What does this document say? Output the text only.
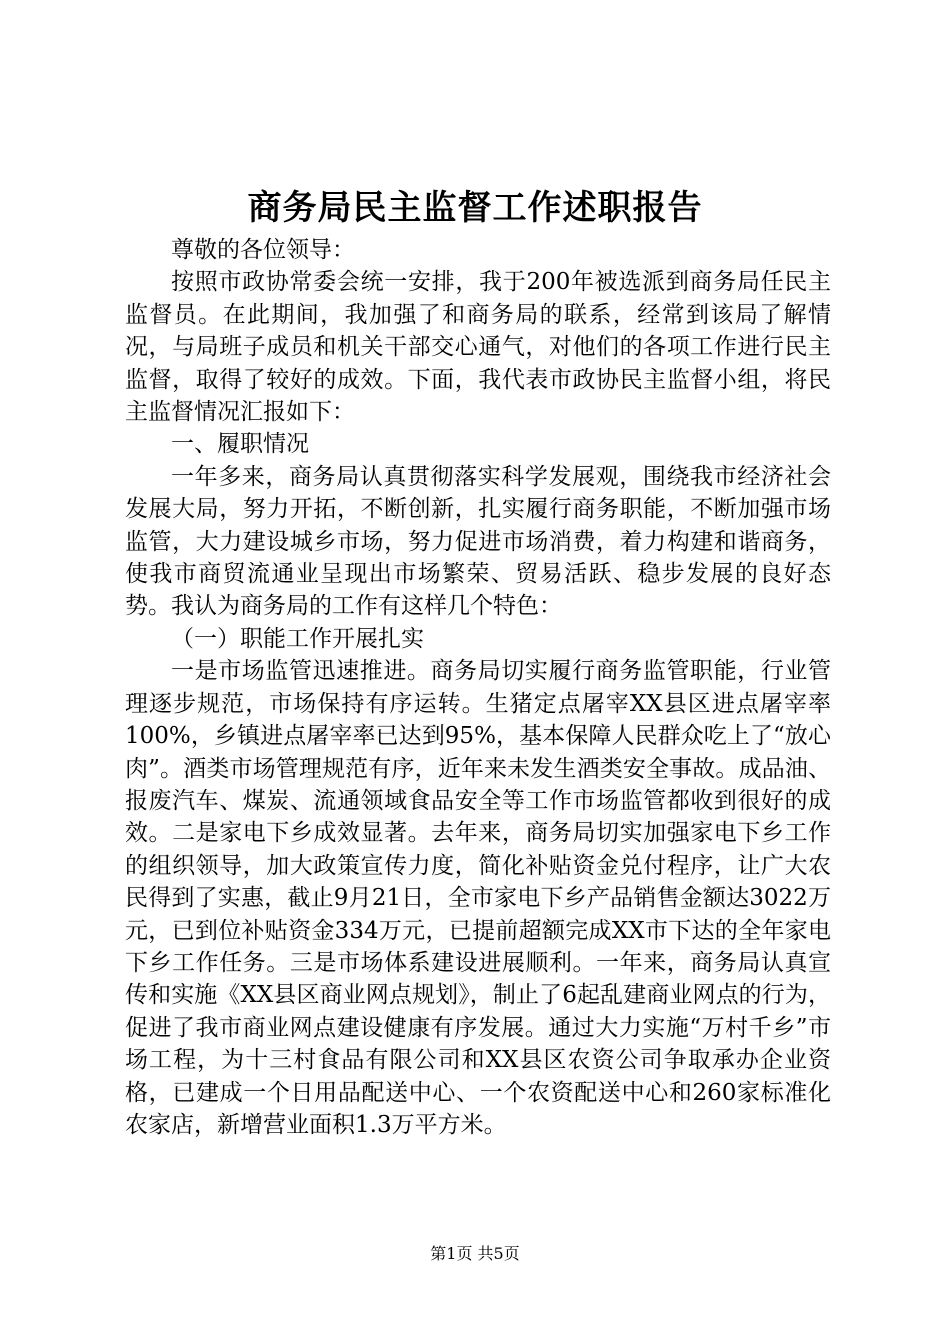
商务局民主监督工作述职报告

尊敬的各位领导：

按照市政协常委会统一安排，我于200年被选派到商务局任民主监督员。在此期间，我加强了和商务局的联系，经常到该局了解情况，与局班子成员和机关干部交心通气，对他们的各项工作进行民主监督，取得了较好的成效。下面，我代表市政协民主监督小组，将民主监督情况汇报如下：

一、履职情况

一年多来，商务局认真贯彻落实科学发展观，围绕我市经济社会发展大局，努力开拓，不断创新，扎实履行商务职能，不断加强市场监管，大力建设城乡市场，努力促进市场消费，着力构建和谐商务，使我市商贸流通业呈现出市场繁荣、贸易活跃、稳步发展的良好态势。我认为商务局的工作有这样几个特色：

（一）职能工作开展扎实

一是市场监管迅速推进。商务局切实履行商务监管职能，行业管理逐步规范，市场保持有序运转。生猪定点屠宰XX县区进点屠宰率100%，乡镇进点屠宰率已达到95%，基本保障人民群众吃上了“放心肉”。酒类市场管理规范有序，近年来未发生酒类安全事故。成品油、报废汽车、煤炭、流通领域食品安全等工作市场监管都收到很好的成效。二是家电下乡成效显著。去年来，商务局切实加强家电下乡工作的组织领导，加大政策宣传力度，简化补贴资金兑付程序，让广大农民得到了实惠，截止9月21日，全市家电下乡产品销售金额达3022万元，已到位补贴资金334万元，已提前超额完成XX市下达的全年家电下乡工作任务。三是市场体系建设进展顺利。一年来，商务局认真宣传和实施《XX县区商业网点规划》，制止了6起乱建商业网点的行为，促进了我市商业网点建设健康有序发展。通过大力实施“万村千乡”市场工程，为十三村食品有限公司和XX县区农资公司争取承办企业资格，已建成一个日用品配送中心、一个农资配送中心和260家标准化农家店，新增营业面积1.3万平方米。

第1页 共5页
